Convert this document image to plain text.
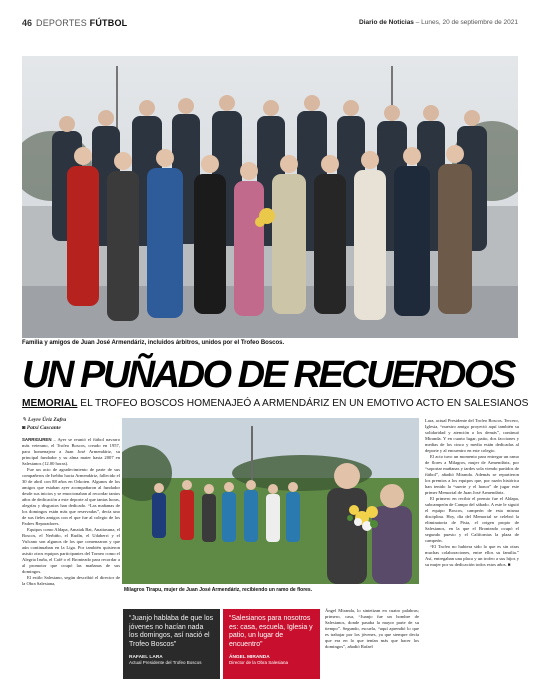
46 DEPORTES FÚTBOL	Diario de Noticias – Lunes, 20 de septiembre de 2021
Familia y amigos de Juan José Armendáriz, incluidos árbitros, unidos por el Trofeo Boscos.
UN PUÑADO DE RECUERDOS
MEMORIAL EL TROFEO BOSCOS HOMENAJEÓ A ARMENDÁRIZ EN UN EMOTIVO ACTO EN SALESIANOS
✎ Leyre Úriz Zafra
◙ Patxi Cascante

SARRIGUREN – Ayer se reunió el fútbol navarro más veterano, el Trofeo Boscos, creado en 1957, para homenajear a Juan José Armendáriz, su principal fundador y su alma mater hasta 2007 en Salesianos (12.00 horas).

Fue un acto de agradecimiento de parte de sus compañeros de Isebbo hacia Armendáriz, fallecido el 30 de abril con 88 años en Orkoien. Algunos de los amigos que estaban ayer acompañaron al fundador desde sus inicios y se emocionaban al recordar tantos años de dedicación a este deporte al que tantas horas, alegrías y disgustos han dedicado. “Las mañanas de los domingos están más que reservadas”, decía uno de sus fieles amigos con el que fue al colegio de los Padres Reparadores.

Equipos como Aldapa, Amaiak Bat, Anaitasuna, el Boscos, el Nerbiño, el Rudín, el Udaberri y el Vulcano son algunos de los que comenzaron y que aún continuaban en la Liga. Por también quisieron asistir otros equipos participantes del Torneo como el Alegria Iruña, el Café o el Bronteado para recordar a al promotor que ocupó las mañanas de sus domingos.

El estilo Salesiano, según describió el director de la Obra Salesiana,

Milagros Tirapu, mujer de Juan José Armendáriz, recibiendo un ramo de flores.
“Juanjo hablaba de que los jóvenes no hacían nada los domingos, así nació el Trofeo Boscos”
RAFAEL LARA
Actual Presidente del Trofeo Boscos
“Salesianos para nosotros es: casa, escuela, Iglesia y patio, un lugar de encuentro”
ÁNGEL MIRANDA
Director de la Obra Salesiana

Ángel Miranda, lo sintetizan en cuatro palabras; primero, casa, “Juanjo fue un hombre de Salesianos, donde pasaba la mayor parte de su tiempo”. Segundo, escuela, “aquí aprendió lo que es trabajar por los jóvenes, ya que siempre decía que era en lo que tenían más que hacer los domingos”, añadió Rafael

Lara, actual Presidente del Trofeo Boscos. Tercero, Iglesia, “nuestro amigo proyectó aquí también su solidaridad y atención a los demás”, continuó Miranda. Y en cuarto lugar, patio, dos facciones y medias de los cinco y media están dedicadas al deporte y al encuentro en este colegio.

El acto tuvo un momento para entregar un ramo de flores a Milagros, mujer de Armendáriz, por “soportar mañanas y tardes sola viendo partidos de fútbol”, añadió Miranda. Además se repartieron los premios a los equipos que, por razón histórica han tenido la “suerte y el honor” de jugar este primer Memorial de Juan José Armendáriz.

El primero en recibir el premio fue el Aldapa, subcampeón de Campo del sábado. A este le siguió el equipo Boscos, campeón de esta misma disciplina. Hoy, día del Memorial se celebró la eliminatoria de Pista, el origen propio de Salesianos, en la que el Bronteado ocupó el segundo puesto y el Californias la plaza de campeón.

“El Trofeo no hubiera sido lo que es sin otras muchas colaboraciones, entre ellos su familia.” Así, entregaban una placa y un trofeo a sus hijos y su mujer por su dedicación todos estos años. ■
